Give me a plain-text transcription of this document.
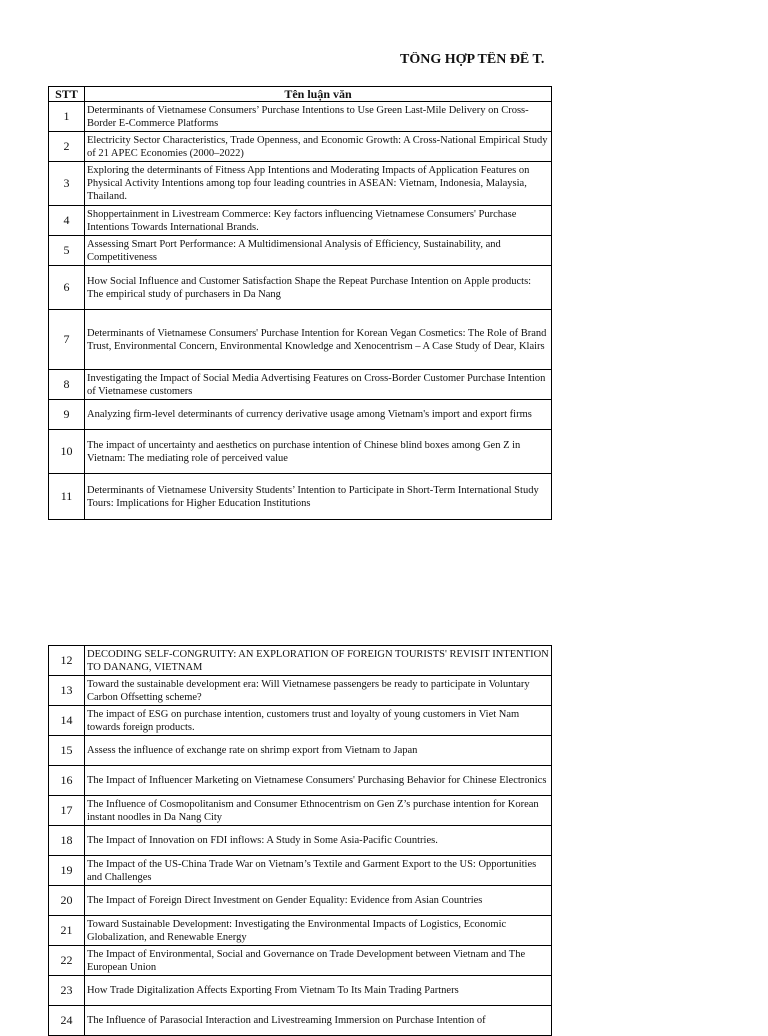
TỔNG HỢP TÊN ĐỀ T.
STT	Tên luận văn
1	Determinants of Vietnamese Consumers’ Purchase Intentions to Use Green Last-Mile Delivery on Cross-Border E-Commerce Platforms
2	Electricity Sector Characteristics, Trade Openness, and Economic Growth: A Cross-National Empirical Study of 21 APEC Economies (2000–2022)
3	Exploring the determinants of Fitness App Intentions and Moderating Impacts of Application Features on Physical Activity Intentions among top four leading countries in ASEAN: Vietnam, Indonesia, Malaysia, Thailand.
4	Shoppertainment in Livestream Commerce: Key factors influencing Vietnamese Consumers' Purchase Intentions Towards International Brands.
5	Assessing Smart Port Performance: A Multidimensional Analysis of Efficiency, Sustainability, and Competitiveness
6	How Social Influence and Customer Satisfaction Shape the Repeat Purchase Intention on Apple products: The empirical study of purchasers in Da Nang
7	Determinants of Vietnamese Consumers' Purchase Intention for Korean Vegan Cosmetics: The Role of Brand Trust, Environmental Concern, Environmental Knowledge and Xenocentrism – A Case Study of Dear, Klairs
8	Investigating the Impact of Social Media Advertising Features on Cross-Border Customer Purchase Intention of Vietnamese customers
9	Analyzing firm-level determinants of currency derivative usage among Vietnam's import and export firms
10	The impact of uncertainty and aesthetics on purchase intention of Chinese blind boxes among Gen Z in Vietnam: The mediating role of perceived value
11	Determinants of Vietnamese University Students’ Intention to Participate in Short-Term International Study Tours: Implications for Higher Education Institutions
12	DECODING SELF-CONGRUITY: AN EXPLORATION OF FOREIGN TOURISTS' REVISIT INTENTION TO DANANG, VIETNAM
13	Toward the sustainable development era: Will Vietnamese passengers be ready to participate in Voluntary Carbon Offsetting scheme?
14	The impact of ESG on purchase intention, customers trust and loyalty of young customers in Viet Nam towards foreign products.
15	Assess the influence of exchange rate on shrimp export from Vietnam to Japan
16	The Impact of Influencer Marketing on Vietnamese Consumers' Purchasing Behavior for Chinese Electronics
17	The Influence of Cosmopolitanism and Consumer Ethnocentrism on Gen Z’s purchase intention for Korean instant noodles in Da Nang City
18	The Impact of Innovation on FDI inflows: A Study in Some Asia-Pacific Countries.
19	The Impact of the US-China Trade War on Vietnam’s Textile and Garment Export to the US: Opportunities and Challenges
20	The Impact of Foreign Direct Investment on Gender Equality: Evidence from Asian Countries
21	Toward Sustainable Development: Investigating the Environmental Impacts of Logistics, Economic Globalization, and Renewable Energy
22	The Impact of Environmental, Social and Governance on Trade Development between Vietnam and The European Union
23	How Trade Digitalization Affects Exporting From Vietnam To Its Main Trading Partners
24	The Influence of Parasocial Interaction and Livestreaming Immersion on Purchase Intention of
